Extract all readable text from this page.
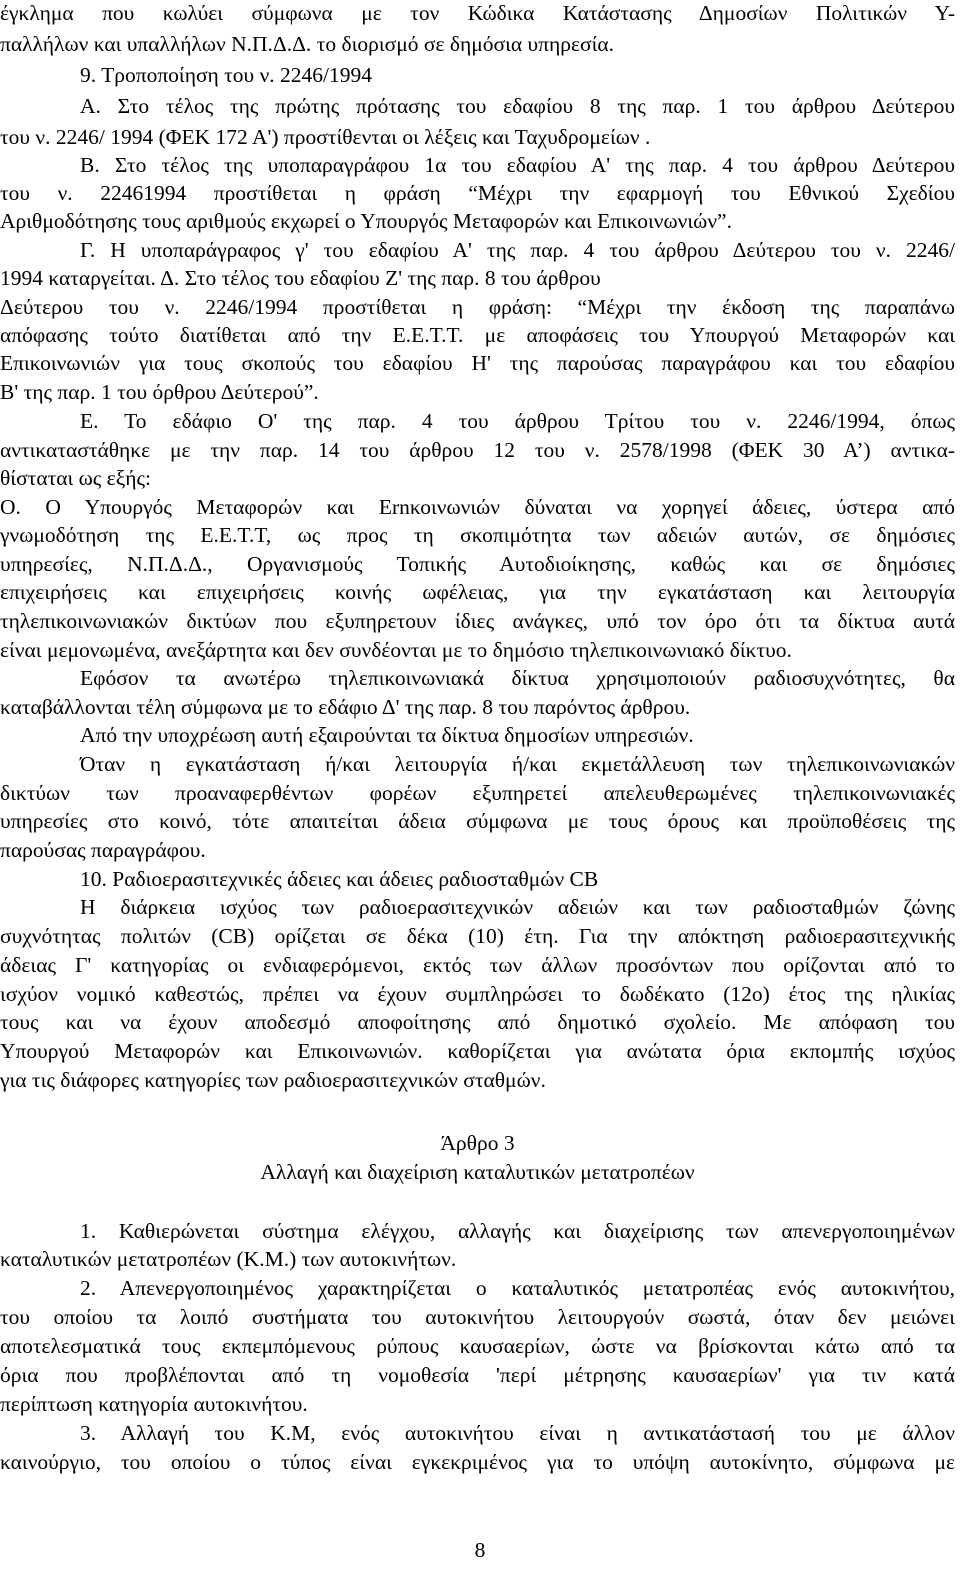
έγκλημα που κωλύει σύμφωνα με τον Κώδικα Κατάστασης Δημοσίων Πολιτικών Υ-

παλλήλων και υπαλλήλων Ν.Π.Δ.Δ. το διορισμό σε δημόσια υπηρεσία.

9. Τροποποίηση του ν. 2246/1994

Α. Στο τέλος της πρώτης πρότασης του εδαφίου 8 της παρ. 1 του άρθρου Δεύτερου

του ν. 2246/ 1994 (ΦΕΚ 172 Α') προστίθενται οι λέξεις και Ταχυδρομείων .

Β. Στο τέλος της υποπαραγράφου 1α του εδαφίου Α' της παρ. 4 του άρθρου Δεύτερου

του ν. 22461994 προστίθεται η φράση “Μέχρι την εφαρμογή του Εθνικού Σχεδίου

Αριθμοδότησης τους αριθμούς εκχωρεί ο Υπουργός Μεταφορών και Επικοινωνιών”.

Γ. Η υποπαράγραφος γ' του εδαφίου Α' της παρ. 4 του άρθρου Δεύτερου του ν. 2246/

1994 καταργείται. Δ. Στο τέλος του εδαφίου Ζ' της παρ. 8 του άρθρου

Δεύτερου του ν. 2246/1994 προστίθεται η φράση: “Μέχρι την έκδοση της παραπάνω

απόφασης τούτο διατίθεται από την Ε.Ε.Τ.Τ. με αποφάσεις του Υπουργού Μεταφορών και

Επικοινωνιών για τους σκοπούς του εδαφίου Η' της παρούσας παραγράφου και του εδαφίου

Β' της παρ. 1 του όρθρου Δεύτερού”.

Ε. Το εδάφιο Ο' της παρ. 4 του άρθρου Τρίτου του ν. 2246/1994, όπως

αντικαταστάθηκε με την παρ. 14 του άρθρου 12 του ν. 2578/1998 (ΦΕΚ 30 Α’) αντικα-

θίσταται ως εξής:

Ο. Ο Υπουργός Μεταφορών και Εrnκοινωνιών δύναται να χορηγεί άδειες, ύστερα από

γνωμοδότηση της Ε.Ε.Τ.Τ, ως προς τη σκοπιμότητα των αδειών αυτών, σε δημόσιες

υπηρεσίες, Ν.Π.Δ.Δ., Οργανισμούς Τοπικής Αυτοδιοίκησης, καθώς και σε δημόσιες

επιχειρήσεις και επιχειρήσεις κοινής ωφέλειας, για την εγκατάσταση και λειτουργία

τηλεπικοινωνιακών δικτύων που εξυπηρετουν ίδιες ανάγκες, υπό τον όρο ότι τα δίκτυα αυτά

είναι μεμονωμένα, ανεξάρτητα και δεν συνδέονται με το δημόσιο τηλεπικοινωνιακό δίκτυο.

Εφόσον τα ανωτέρω τηλεπικοινωνιακά δίκτυα χρησιμοποιούν ραδιοσυχνότητες, θα

καταβάλλονται τέλη σύμφωνα με το εδάφιο Δ' της παρ. 8 του παρόντος άρθρου.

Από την υποχρέωση αυτή εξαιρούνται τα δίκτυα δημοσίων υπηρεσιών.

Όταν η εγκατάσταση ή/και λειτουργία ή/και εκμετάλλευση των τηλεπικοινωνιακών

δικτύων των προαναφερθέντων φορέων εξυπηρετεί απελευθερωμένες τηλεπικοινωνιακές

υπηρεσίες στο κοινό, τότε απαιτείται άδεια σύμφωνα με τους όρους και προϋποθέσεις της

παρούσας παραγράφου.

10. Ραδιοερασιτεχνικές άδειες και άδειες ραδιοσταθμών CB

Η διάρκεια ισχύος των ραδιοερασιτεχνικών αδειών και των ραδιοσταθμών ζώνης

συχνότητας πολιτών (CB) ορίζεται σε δέκα (10) έτη. Για την απόκτηση ραδιοερασιτεχνικής

άδειας Γ' κατηγορίας οι ενδιαφερόμενοι, εκτός των άλλων προσόντων που ορίζονται από το

ισχύον νομικό καθεστώς, πρέπει να έχουν συμπληρώσει το δωδέκατο (12ο) έτος της ηλικίας

τους και να έχουν αποδεσμό αποφοίτησης από δημοτικό σχολείο. Με απόφαση του

Υπουργού Μεταφορών και Επικοινωνιών. καθορίζεται για ανώτατα όρια εκπομπής ισχύος

για τις διάφορες κατηγορίες των ραδιοερασιτεχνικών σταθμών.

Άρθρο 3

Αλλαγή και διαχείριση καταλυτικών μετατροπέων

1. Καθιερώνεται σύστημα ελέγχου, αλλαγής και διαχείρισης των απενεργοποιημένων

καταλυτικών μετατροπέων (Κ.Μ.) των αυτοκινήτων.

2. Απενεργοποιημένος χαρακτηρίζεται ο καταλυτικός μετατροπέας ενός αυτοκινήτου,

του οποίου τα λοιπό συστήματα του αυτοκινήτου λειτουργούν σωστά, όταν δεν μειώνει

αποτελεσματικά τους εκπεμπόμενους ρύπους καυσαερίων, ώστε να βρίσκονται κάτω από τα

όρια που προβλέπονται από τη νομοθεσία 'περί μέτρησης καυσαερίων' για τιν κατά

περίπτωση κατηγορία αυτοκινήτου.

3. Αλλαγή του Κ.Μ, ενός αυτοκινήτου είναι η αντικατάστασή του με άλλον

καινούργιο, του οποίου ο τύπος είναι εγκεκριμένος για το υπόψη αυτοκίνητο, σύμφωνα με

8
